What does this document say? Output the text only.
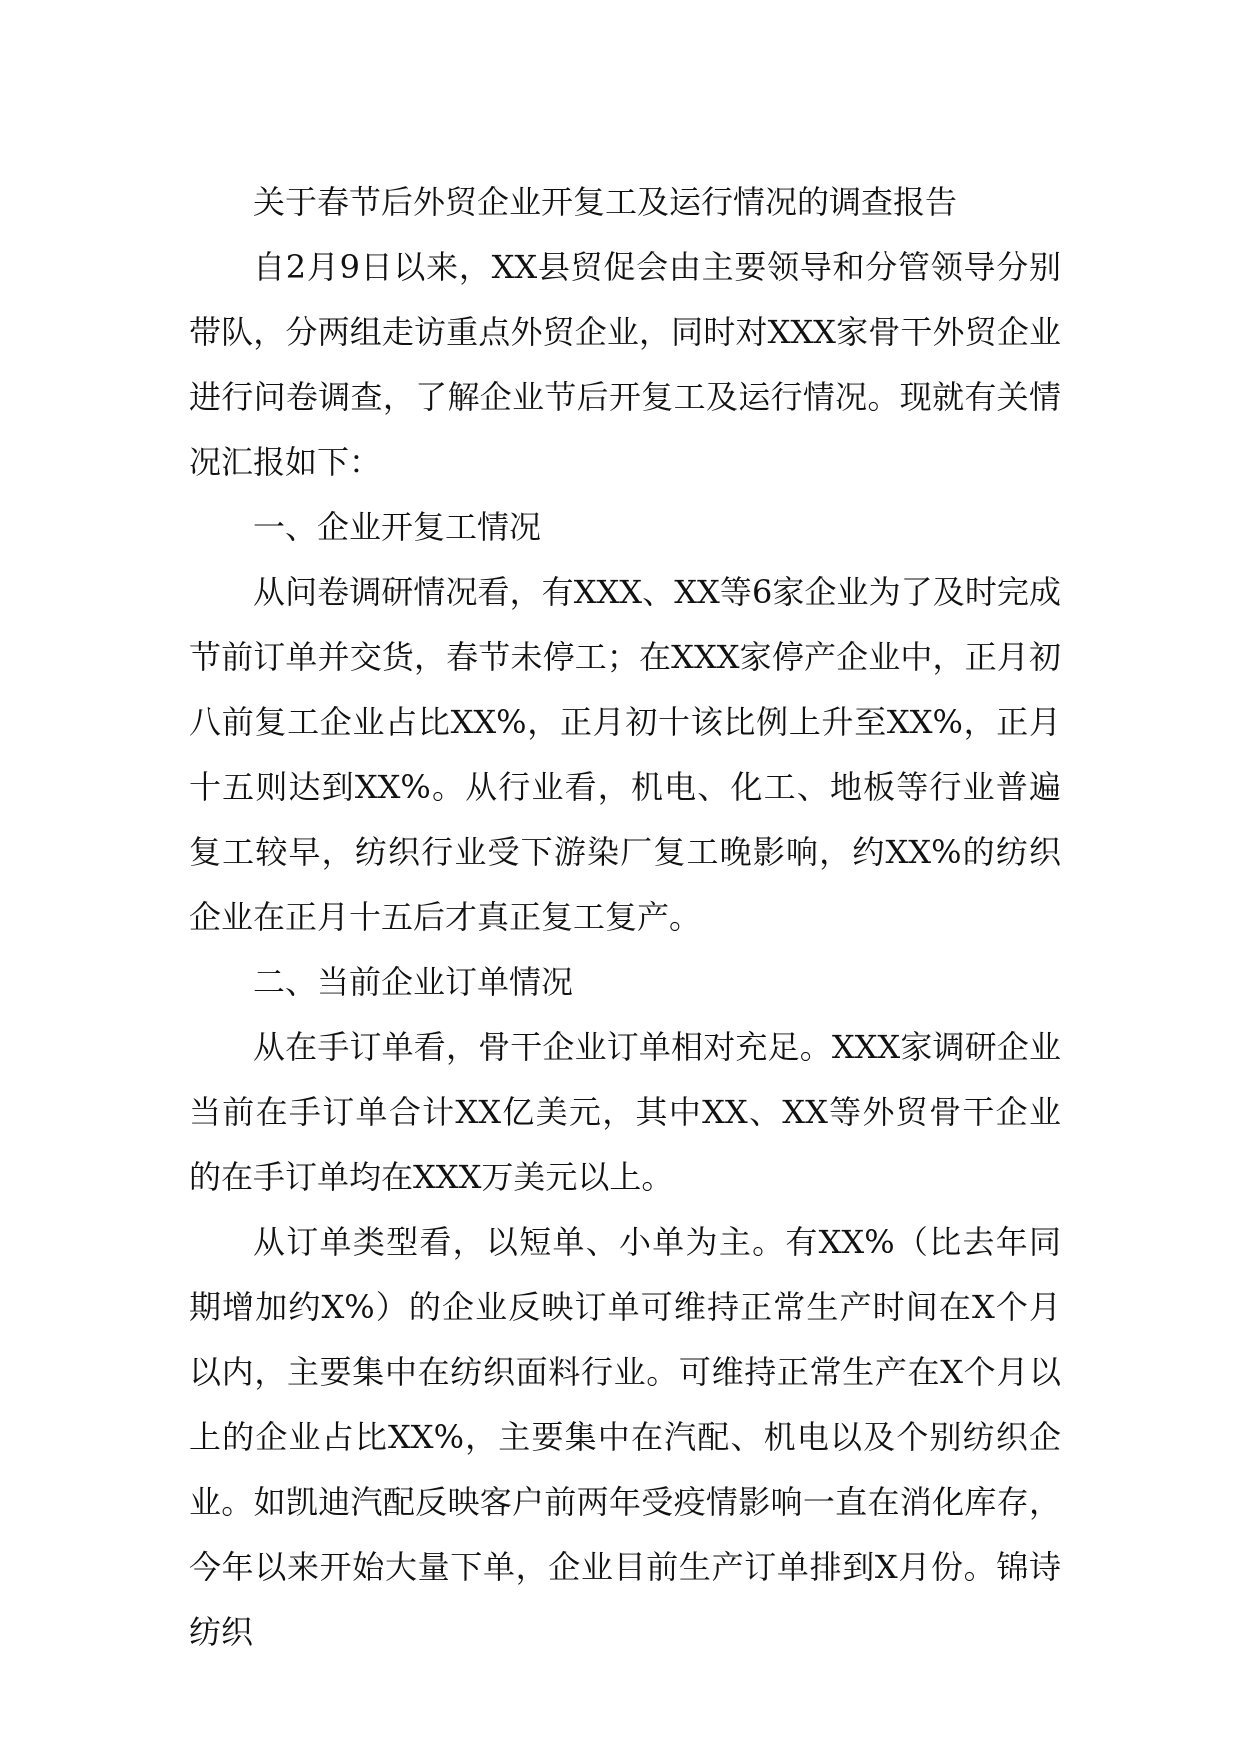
关于春节后外贸企业开复工及运行情况的调查报告

自2月9日以来，XX县贸促会由主要领导和分管领导分别带队，分两组走访重点外贸企业，同时对XXX家骨干外贸企业进行问卷调查，了解企业节后开复工及运行情况。现就有关情况汇报如下：

一、企业开复工情况

从问卷调研情况看，有XXX、XX等6家企业为了及时完成节前订单并交货，春节未停工；在XXX家停产企业中，正月初八前复工企业占比XX%，正月初十该比例上升至XX%，正月十五则达到XX%。从行业看，机电、化工、地板等行业普遍复工较早，纺织行业受下游染厂复工晚影响，约XX%的纺织企业在正月十五后才真正复工复产。

二、当前企业订单情况

从在手订单看，骨干企业订单相对充足。XXX家调研企业当前在手订单合计XX亿美元，其中XX、XX等外贸骨干企业的在手订单均在XXX万美元以上。

从订单类型看，以短单、小单为主。有XX%（比去年同期增加约X%）的企业反映订单可维持正常生产时间在X个月以内，主要集中在纺织面料行业。可维持正常生产在X个月以上的企业占比XX%，主要集中在汽配、机电以及个别纺织企业。如凯迪汽配反映客户前两年受疫情影响一直在消化库存，今年以来开始大量下单，企业目前生产订单排到X月份。锦诗纺织
